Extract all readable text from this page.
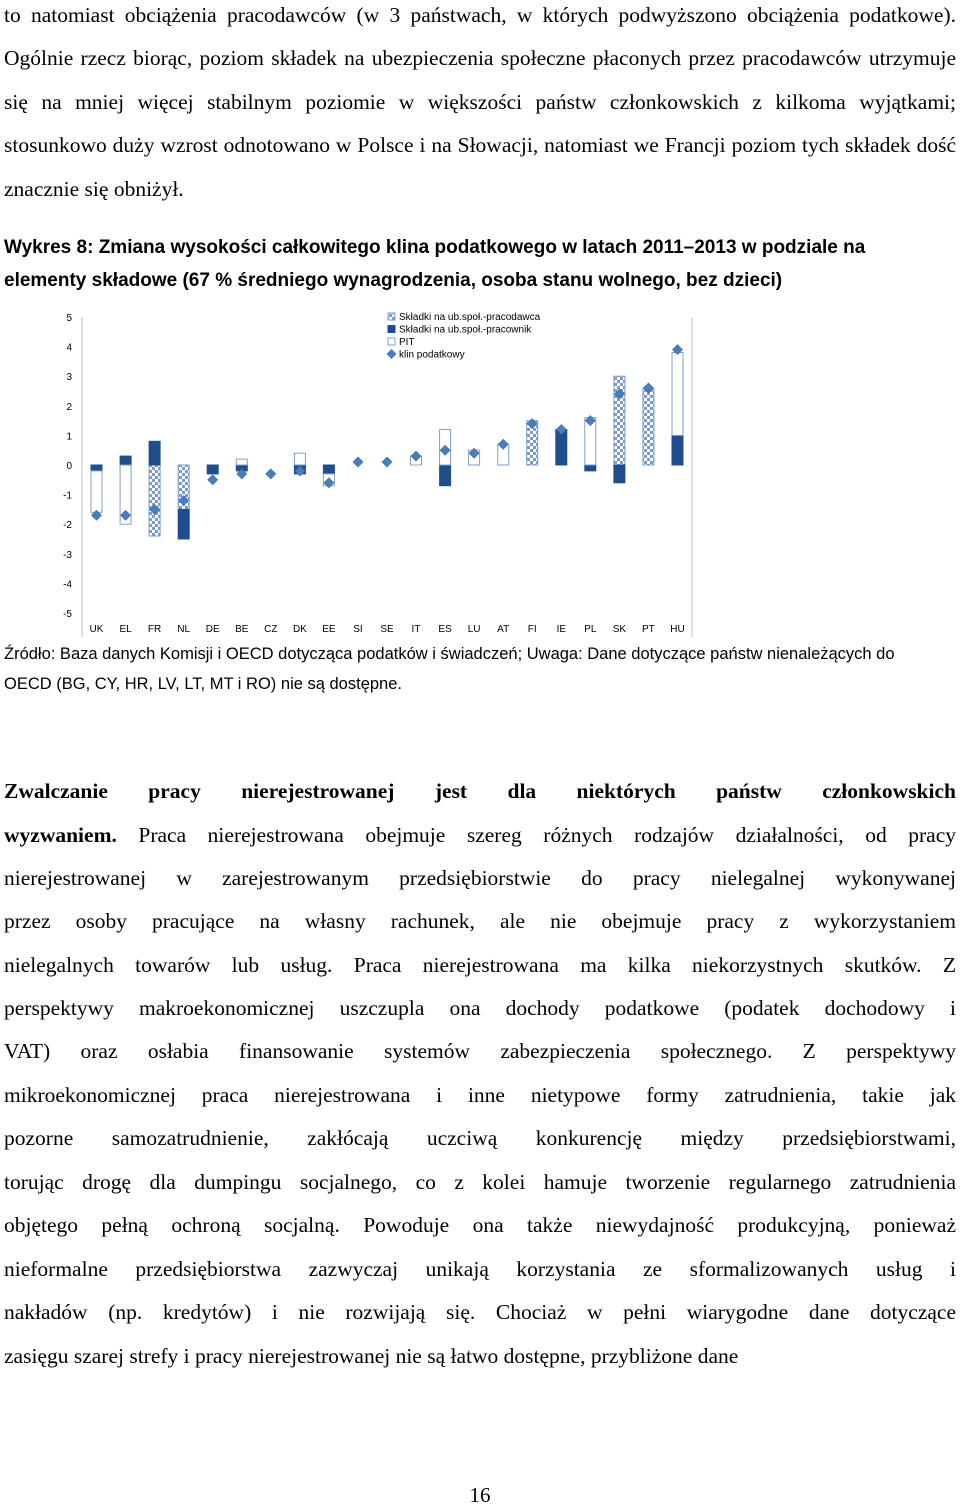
to natomiast obciążenia pracodawców (w 3 państwach, w których podwyższono obciążenia podatkowe). Ogólnie rzecz biorąc, poziom składek na ubezpieczenia społeczne płaconych przez pracodawców utrzymuje się na mniej więcej stabilnym poziomie w większości państw członkowskich z kilkoma wyjątkami; stosunkowo duży wzrost odnotowano w Polsce i na Słowacji, natomiast we Francji poziom tych składek dość znacznie się obniżył.

Wykres 8: Zmiana wysokości całkowitego klina podatkowego w latach 2011–2013 w podziale na elementy składowe (67 % średniego wynagrodzenia, osoba stanu wolnego, bez dzieci)

-5
-4
-3
-2
-1
0
1
2
3
4
5
UK EL FR NL DE BE CZ DK EE SI SE IT ES LU AT FI IE PL SK PT HU
Składki na ub.społ.-pracodawca
Składki na ub.społ.-pracownik
PIT
klin podatkowy

Źródło: Baza danych Komisji i OECD dotycząca podatków i świadczeń; Uwaga: Dane dotyczące państw nienależących do OECD (BG, CY, HR, LV, LT, MT i RO) nie są dostępne.

Zwalczanie pracy nierejestrowanej jest dla niektórych państw członkowskich
wyzwaniem. Praca nierejestrowana obejmuje szereg różnych rodzajów działalności, od pracy
nierejestrowanej w zarejestrowanym przedsiębiorstwie do pracy nielegalnej wykonywanej
przez osoby pracujące na własny rachunek, ale nie obejmuje pracy z wykorzystaniem
nielegalnych towarów lub usług. Praca nierejestrowana ma kilka niekorzystnych skutków. Z
perspektywy makroekonomicznej uszczupla ona dochody podatkowe (podatek dochodowy i
VAT) oraz osłabia finansowanie systemów zabezpieczenia społecznego. Z perspektywy
mikroekonomicznej praca nierejestrowana i inne nietypowe formy zatrudnienia, takie jak
pozorne samozatrudnienie, zakłócają uczciwą konkurencję między przedsiębiorstwami,
torując drogę dla dumpingu socjalnego, co z kolei hamuje tworzenie regularnego zatrudnienia
objętego pełną ochroną socjalną. Powoduje ona także niewydajność produkcyjną, ponieważ
nieformalne przedsiębiorstwa zazwyczaj unikają korzystania ze sformalizowanych usług i
nakładów (np. kredytów) i nie rozwijają się. Chociaż w pełni wiarygodne dane dotyczące
zasięgu szarej strefy i pracy nierejestrowanej nie są łatwo dostępne, przybliżone dane
16
